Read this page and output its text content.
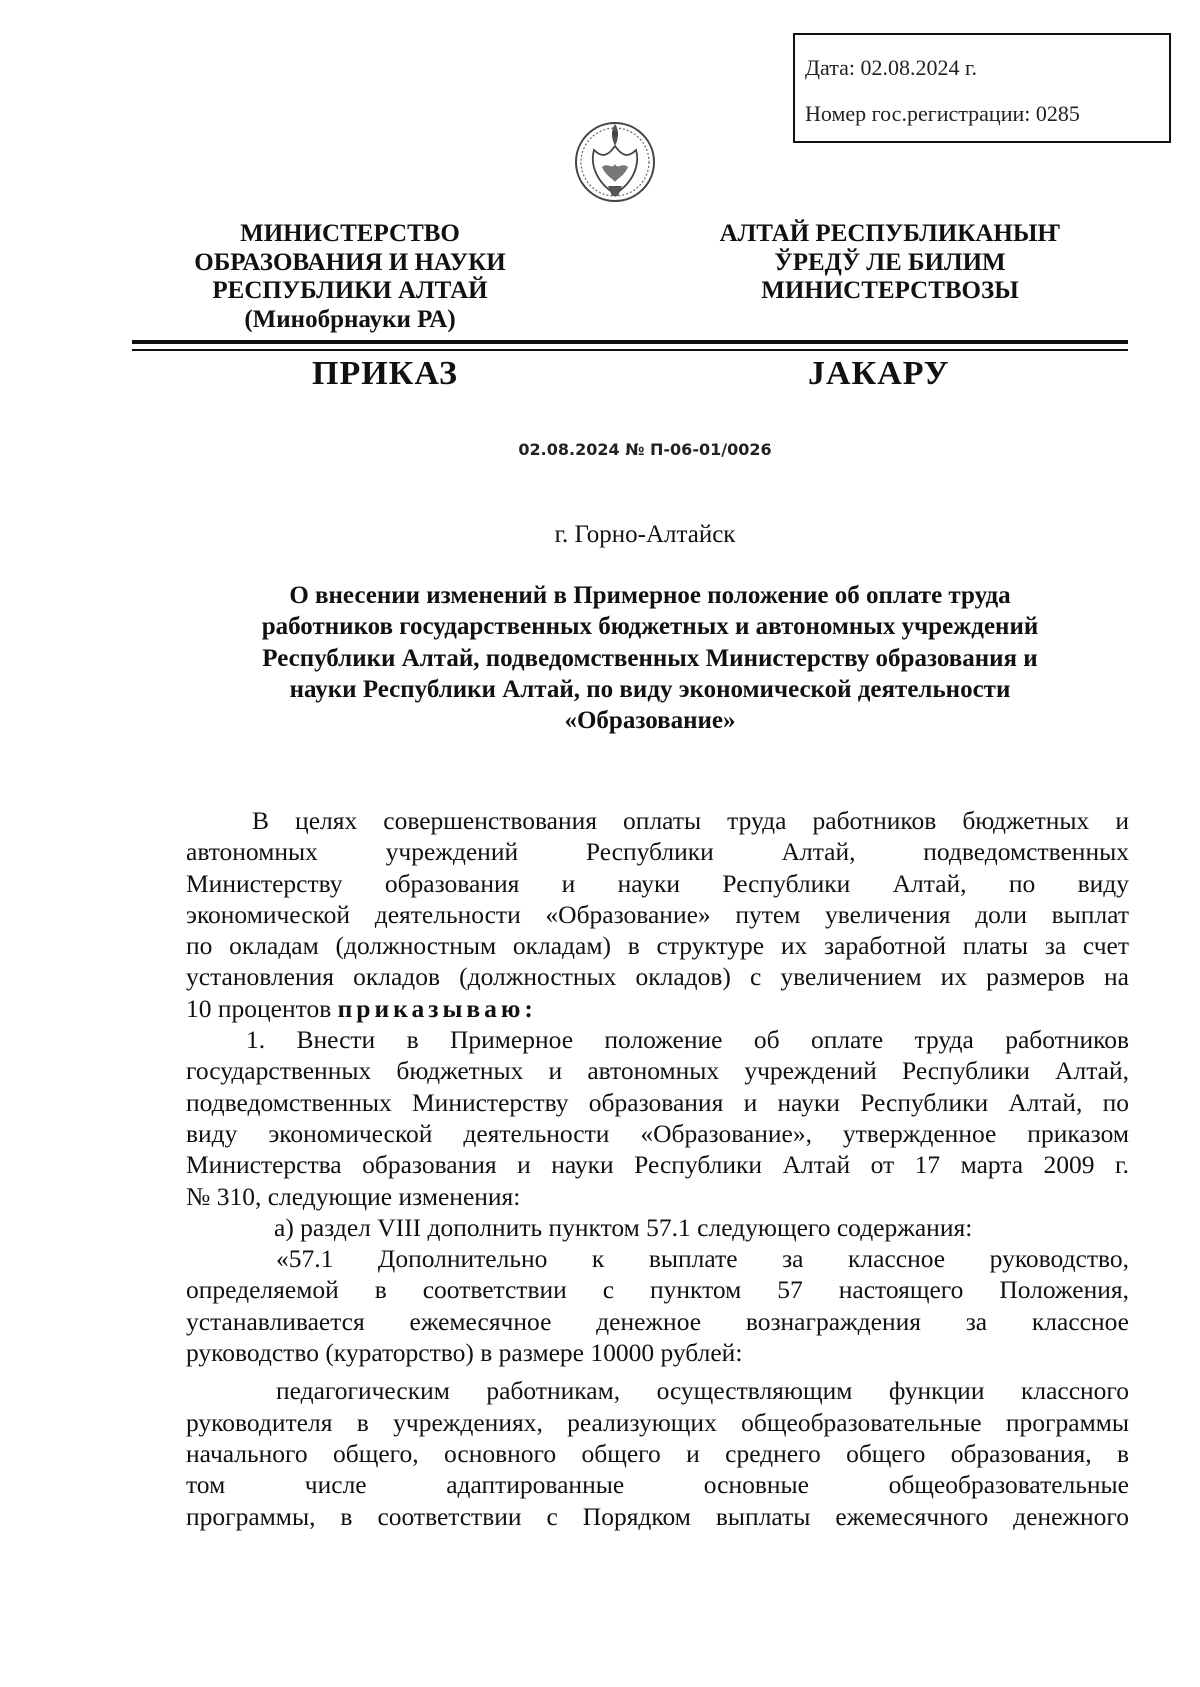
Дата: 02.08.2024 г.
Номер гос.регистрации: 0285

МИНИСТЕРСТВО
ОБРАЗОВАНИЯ И НАУКИ
РЕСПУБЛИКИ АЛТАЙ
(Минобрнауки РА)

АЛТАЙ РЕСПУБЛИКАНЫҤ
ЎРЕДЎ ЛЕ БИЛИМ
МИНИСТЕРСТВОЗЫ

ПРИКАЗ	ЈАКАРУ
02.08.2024 № П-06-01/0026
г. Горно-Алтайск
О внесении изменений в Примерное положение об оплате труда
работников государственных бюджетных и автономных учреждений
Республики Алтай, подведомственных Министерству образования и
науки Республики Алтай, по виду экономической деятельности
«Образование»
В целях совершенствования оплаты труда работников бюджетных и
автономных учреждений Республики Алтай, подведомственных
Министерству образования и науки Республики Алтай, по виду
экономической деятельности «Образование» путем увеличения доли выплат
по окладам (должностным окладам) в структуре их заработной платы за счет
установления окладов (должностных окладов) с увеличением их размеров на
10 процентов приказываю:
1. Внести в Примерное положение об оплате труда работников
государственных бюджетных и автономных учреждений Республики Алтай,
подведомственных Министерству образования и науки Республики Алтай, по
виду экономической деятельности «Образование», утвержденное приказом
Министерства образования и науки Республики Алтай от 17 марта 2009 г.
№ 310, следующие изменения:
а) раздел VIII дополнить пунктом 57.1 следующего содержания:
«57.1 Дополнительно к выплате за классное руководство,
определяемой в соответствии с пунктом 57 настоящего Положения,
устанавливается ежемесячное денежное вознаграждения за классное
руководство (кураторство) в размере 10000 рублей:
педагогическим работникам, осуществляющим функции классного
руководителя в учреждениях, реализующих общеобразовательные программы
начального общего, основного общего и среднего общего образования, в
том числе адаптированные основные общеобразовательные
программы, в соответствии с Порядком выплаты ежемесячного денежного
